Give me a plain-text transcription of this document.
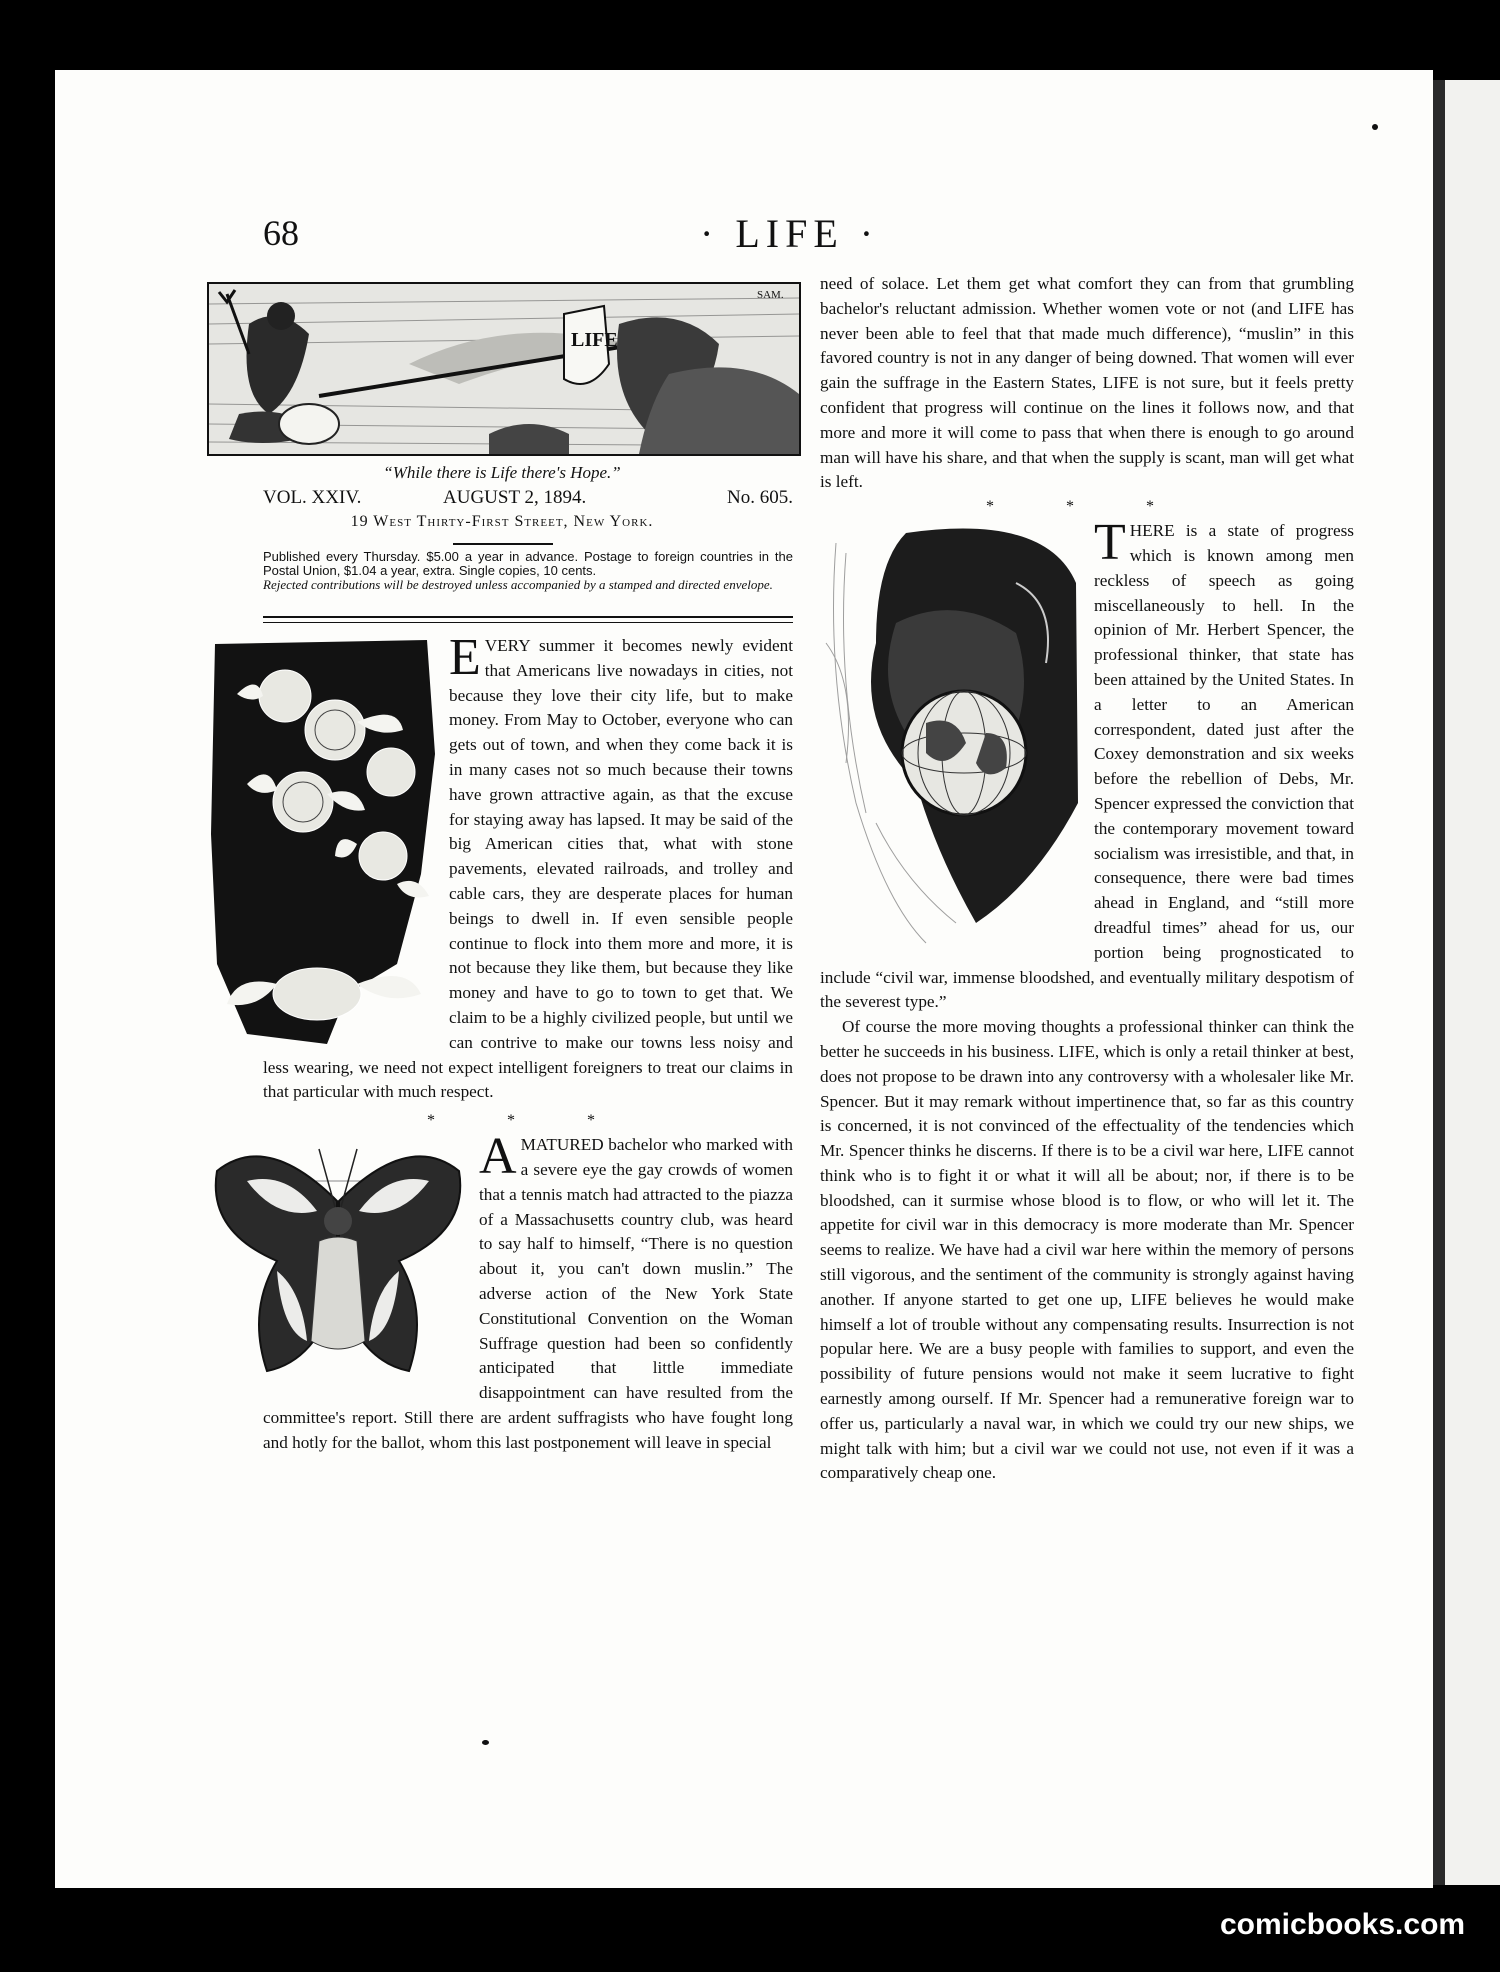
68	· LIFE ·
LIFE
SAM.
“While there is Life there's Hope.”
VOL. XXIV.	AUGUST 2, 1894.	No. 605.
19 West Thirty-First Street, New York.
Published every Thursday. $5.00 a year in advance. Postage to foreign countries in the Postal Union, $1.04 a year, extra. Single copies, 10 cents.
Rejected contributions will be destroyed unless accompanied by a stamped and directed envelope.

EVERY summer it becomes newly evident that Americans live nowadays in cities, not because they love their city life, but to make money. From May to October, everyone who can gets out of town, and when they come back it is in many cases not so much because their towns have grown attractive again, as that the excuse for staying away has lapsed. It may be said of the big American cities that, what with stone pavements, elevated railroads, and trolley and cable cars, they are desperate places for human beings to dwell in. If even sensible people continue to flock into them more and more, it is not because they like them, but because they like money and have to go to town to get that. We claim to be a highly civilized people, but until we can contrive to make our towns less noisy and less wearing, we need not expect intelligent foreigners to treat our claims in that particular with much respect.

* * *

AMATURED bachelor who marked with a severe eye the gay crowds of women that a tennis match had attracted to the piazza of a Massachusetts country club, was heard to say half to himself, “There is no question about it, you can't down muslin.” The adverse action of the New York State Constitutional Convention on the Woman Suffrage question had been so confidently anticipated that little immediate disappointment can have resulted from the committee's report. Still there are ardent suffragists who have fought long and hotly for the ballot, whom this last postponement will leave in special

need of solace. Let them get what comfort they can from that grumbling bachelor's reluctant admission. Whether women vote or not (and LIFE has never been able to feel that that made much difference), “muslin” in this favored country is not in any danger of being downed. That women will ever gain the suffrage in the Eastern States, LIFE is not sure, but it feels pretty confident that progress will continue on the lines it follows now, and that more and more it will come to pass that when there is enough to go around man will have his share, and that when the supply is scant, man will get what is left.

* * *

THERE is a state of progress which is known among men reckless of speech as going miscellaneously to hell. In the opinion of Mr. Herbert Spencer, the professional thinker, that state has been attained by the United States. In a letter to an American correspondent, dated just after the Coxey demonstration and six weeks before the rebellion of Debs, Mr. Spencer expressed the conviction that the contemporary movement toward socialism was irresistible, and that, in consequence, there were bad times ahead in England, and “still more dreadful times” ahead for us, our portion being prognosticated to include “civil war, immense bloodshed, and eventually military despotism of the severest type.”

Of course the more moving thoughts a professional thinker can think the better he succeeds in his business. LIFE, which is only a retail thinker at best, does not propose to be drawn into any controversy with a wholesaler like Mr. Spencer. But it may remark without impertinence that, so far as this country is concerned, it is not convinced of the effectuality of the tendencies which Mr. Spencer thinks he discerns. If there is to be a civil war here, LIFE cannot think who is to fight it or what it will all be about; nor, if there is to be bloodshed, can it surmise whose blood is to flow, or who will let it. The appetite for civil war in this democracy is more moderate than Mr. Spencer seems to realize. We have had a civil war here within the memory of persons still vigorous, and the sentiment of the community is strongly against having another. If anyone started to get one up, LIFE believes he would make himself a lot of trouble without any compensating results. Insurrection is not popular here. We are a busy people with families to support, and even the possibility of future pensions would not make it seem lucrative to fight earnestly among ourself. If Mr. Spencer had a remunerative foreign war to offer us, particularly a naval war, in which we could try our new ships, we might talk with him; but a civil war we could not use, not even if it was a comparatively cheap one.

comicbooks.com
